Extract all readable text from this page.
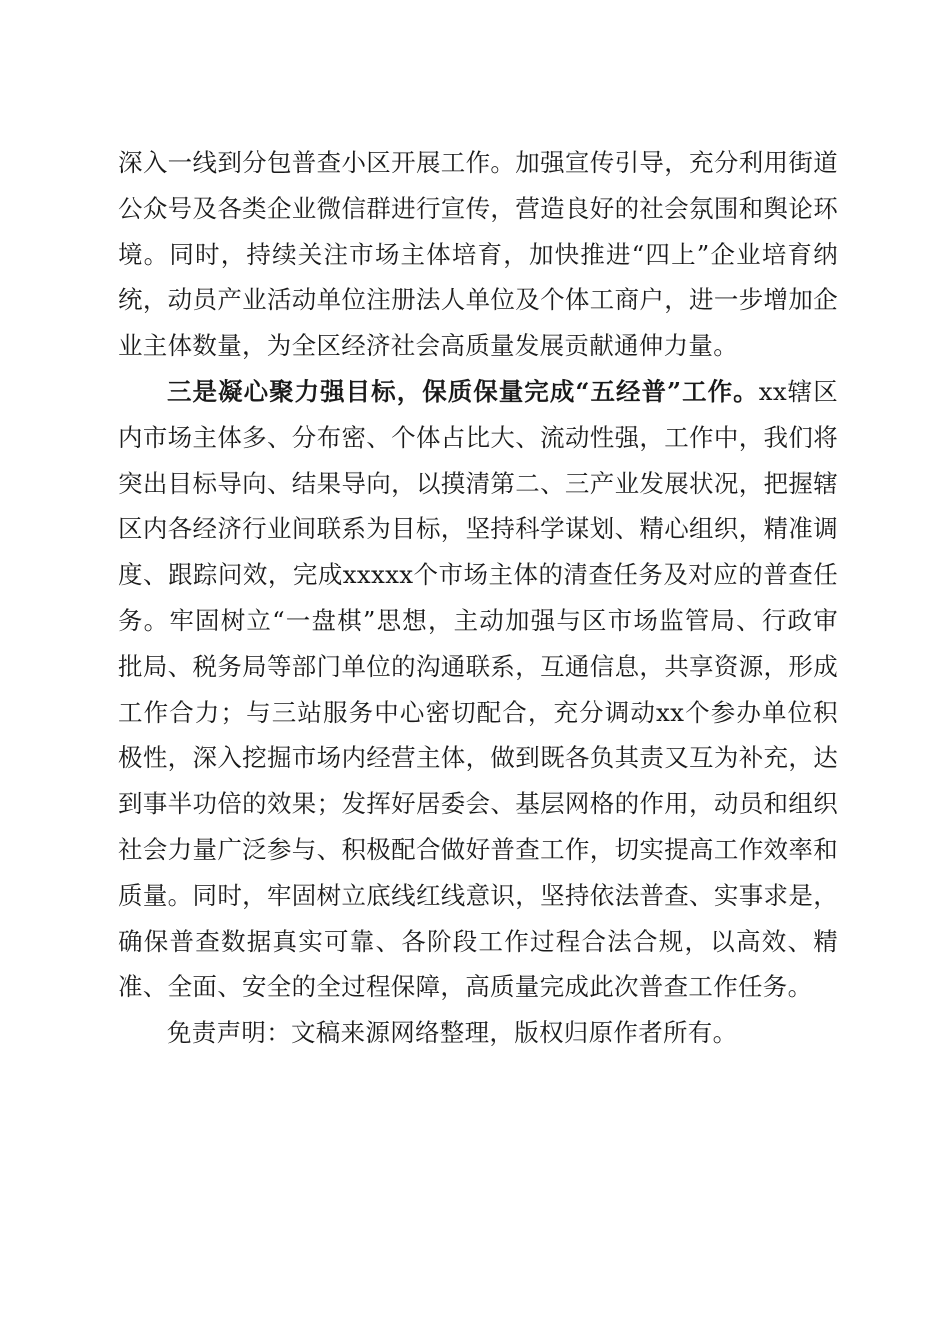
深入一线到分包普查小区开展工作。加强宣传引导，充分利用街道公众号及各类企业微信群进行宣传，营造良好的社会氛围和舆论环境。同时，持续关注市场主体培育，加快推进“四上”企业培育纳统，动员产业活动单位注册法人单位及个体工商户，进一步增加企业主体数量，为全区经济社会高质量发展贡献通伸力量。

三是凝心聚力强目标，保质保量完成“五经普”工作。xx辖区内市场主体多、分布密、个体占比大、流动性强，工作中，我们将突出目标导向、结果导向，以摸清第二、三产业发展状况，把握辖区内各经济行业间联系为目标，坚持科学谋划、精心组织，精准调度、跟踪问效，完成xxxxx个市场主体的清查任务及对应的普查任务。牢固树立“一盘棋”思想，主动加强与区市场监管局、行政审批局、税务局等部门单位的沟通联系，互通信息，共享资源，形成工作合力；与三站服务中心密切配合，充分调动xx个参办单位积极性，深入挖掘市场内经营主体，做到既各负其责又互为补充，达到事半功倍的效果；发挥好居委会、基层网格的作用，动员和组织社会力量广泛参与、积极配合做好普查工作，切实提高工作效率和质量。同时，牢固树立底线红线意识，坚持依法普查、实事求是，确保普查数据真实可靠、各阶段工作过程合法合规，以高效、精准、全面、安全的全过程保障，高质量完成此次普查工作任务。

免责声明：文稿来源网络整理，版权归原作者所有。
